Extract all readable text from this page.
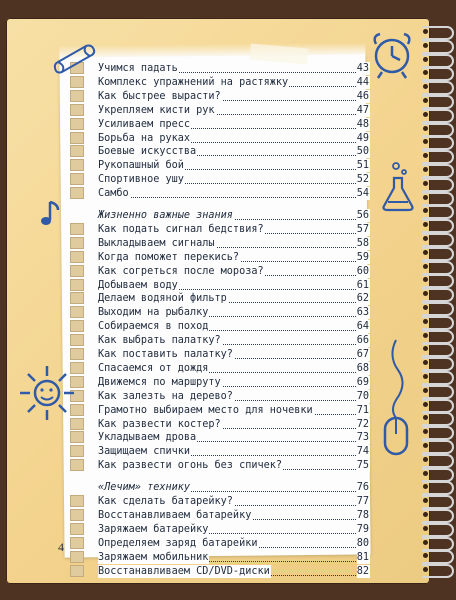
Учимся падать	43
Комплекс упражнений на растяжку	44
Как быстрее вырасти?	46
Укрепляем кисти рук	47
Усиливаем пресс	48
Борьба на руках	49
Боевые искусства	50
Рукопашный бой	51
Спортивное ушу	52
Самбо	54
Жизненно важные знания	56
Как подать сигнал бедствия?	57
Выкладываем сигналы	58
Когда поможет перекись?	59
Как согреться после мороза?	60
Добываем воду	61
Делаем водяной фильтр	62
Выходим на рыбалку	63
Собираемся в поход	64
Как выбрать палатку?	66
Как поставить палатку?	67
Спасаемся от дождя	68
Движемся по маршруту	69
Как залезть на дерево?	70
Грамотно выбираем место для ночевки	71
Как развести костер?	72
Укладываем дрова	73
Защищаем спички	74
Как развести огонь без спичек?	75
«Лечим» технику	76
Как сделать батарейку?	77
Восстанавливаем батарейку	78
Заряжаем батарейку	79
Определяем заряд батарейки	80
Заряжаем мобильник	81
Восстанавливаем CD/DVD-диски	82
4
